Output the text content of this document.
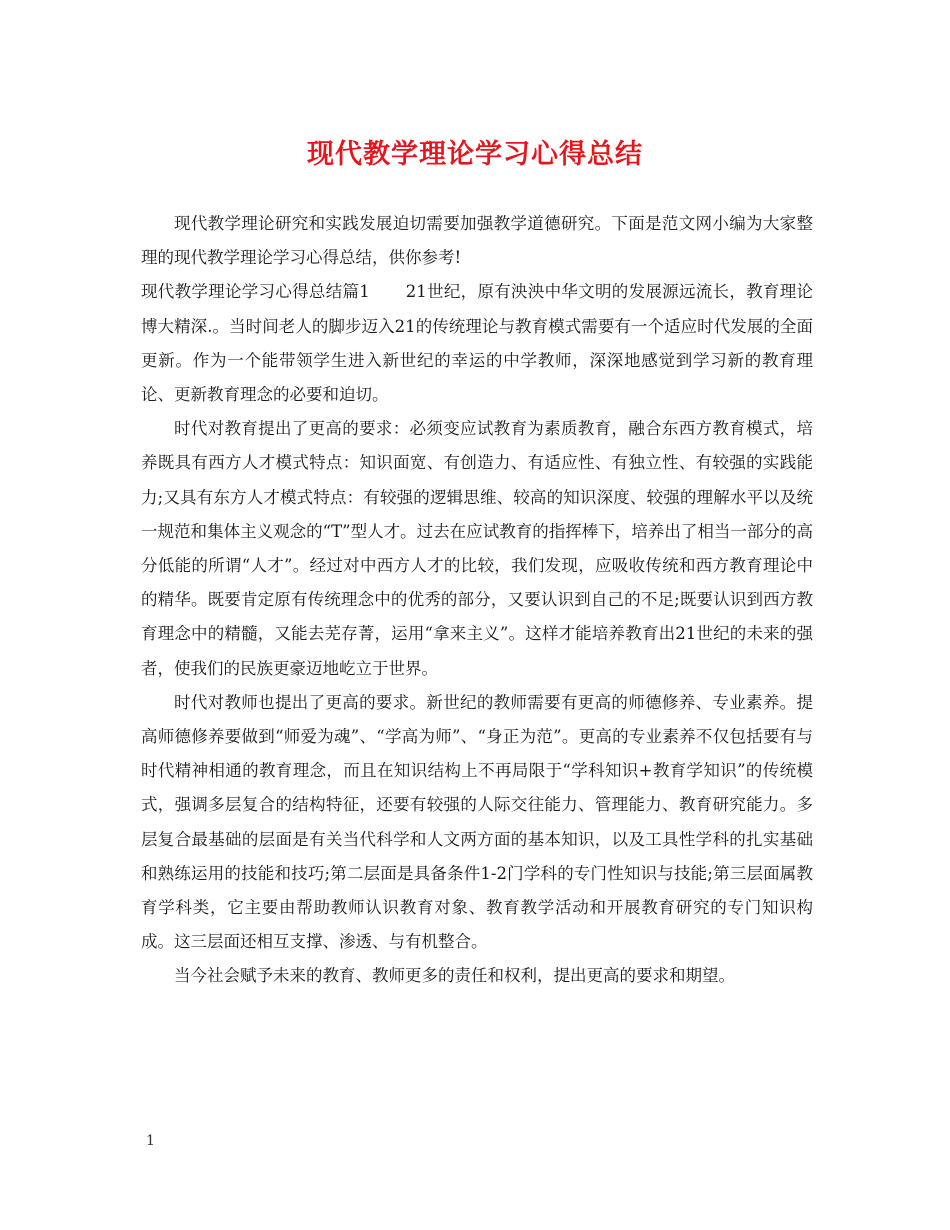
现代教学理论学习心得总结

现代教学理论研究和实践发展迫切需要加强教学道德研究。下面是范文网小编为大家整理的现代教学理论学习心得总结，供你参考!

现代教学理论学习心得总结篇1 21世纪，原有泱泱中华文明的发展源远流长，教育理论博大精深.。当时间老人的脚步迈入21的传统理论与教育模式需要有一个适应时代发展的全面更新。作为一个能带领学生进入新世纪的幸运的中学教师，深深地感觉到学习新的教育理论、更新教育理念的必要和迫切。

时代对教育提出了更高的要求：必须变应试教育为素质教育，融合东西方教育模式，培养既具有西方人才模式特点：知识面宽、有创造力、有适应性、有独立性、有较强的实践能力;又具有东方人才模式特点：有较强的逻辑思维、较高的知识深度、较强的理解水平以及统一规范和集体主义观念的“T”型人才。过去在应试教育的指挥棒下，培养出了相当一部分的高分低能的所谓“人才”。经过对中西方人才的比较，我们发现，应吸收传统和西方教育理论中的精华。既要肯定原有传统理念中的优秀的部分，又要认识到自己的不足;既要认识到西方教育理念中的精髓，又能去芜存菁，运用“拿来主义”。这样才能培养教育出21世纪的未来的强者，使我们的民族更豪迈地屹立于世界。

时代对教师也提出了更高的要求。新世纪的教师需要有更高的师德修养、专业素养。提高师德修养要做到“师爱为魂”、“学高为师”、“身正为范”。更高的专业素养不仅包括要有与时代精神相通的教育理念，而且在知识结构上不再局限于“学科知识+教育学知识”的传统模式，强调多层复合的结构特征，还要有较强的人际交往能力、管理能力、教育研究能力。多层复合最基础的层面是有关当代科学和人文两方面的基本知识，以及工具性学科的扎实基础和熟练运用的技能和技巧;第二层面是具备条件1-2门学科的专门性知识与技能;第三层面属教育学科类，它主要由帮助教师认识教育对象、教育教学活动和开展教育研究的专门知识构成。这三层面还相互支撑、渗透、与有机整合。

当今社会赋予未来的教育、教师更多的责任和权利，提出更高的要求和期望。

1
